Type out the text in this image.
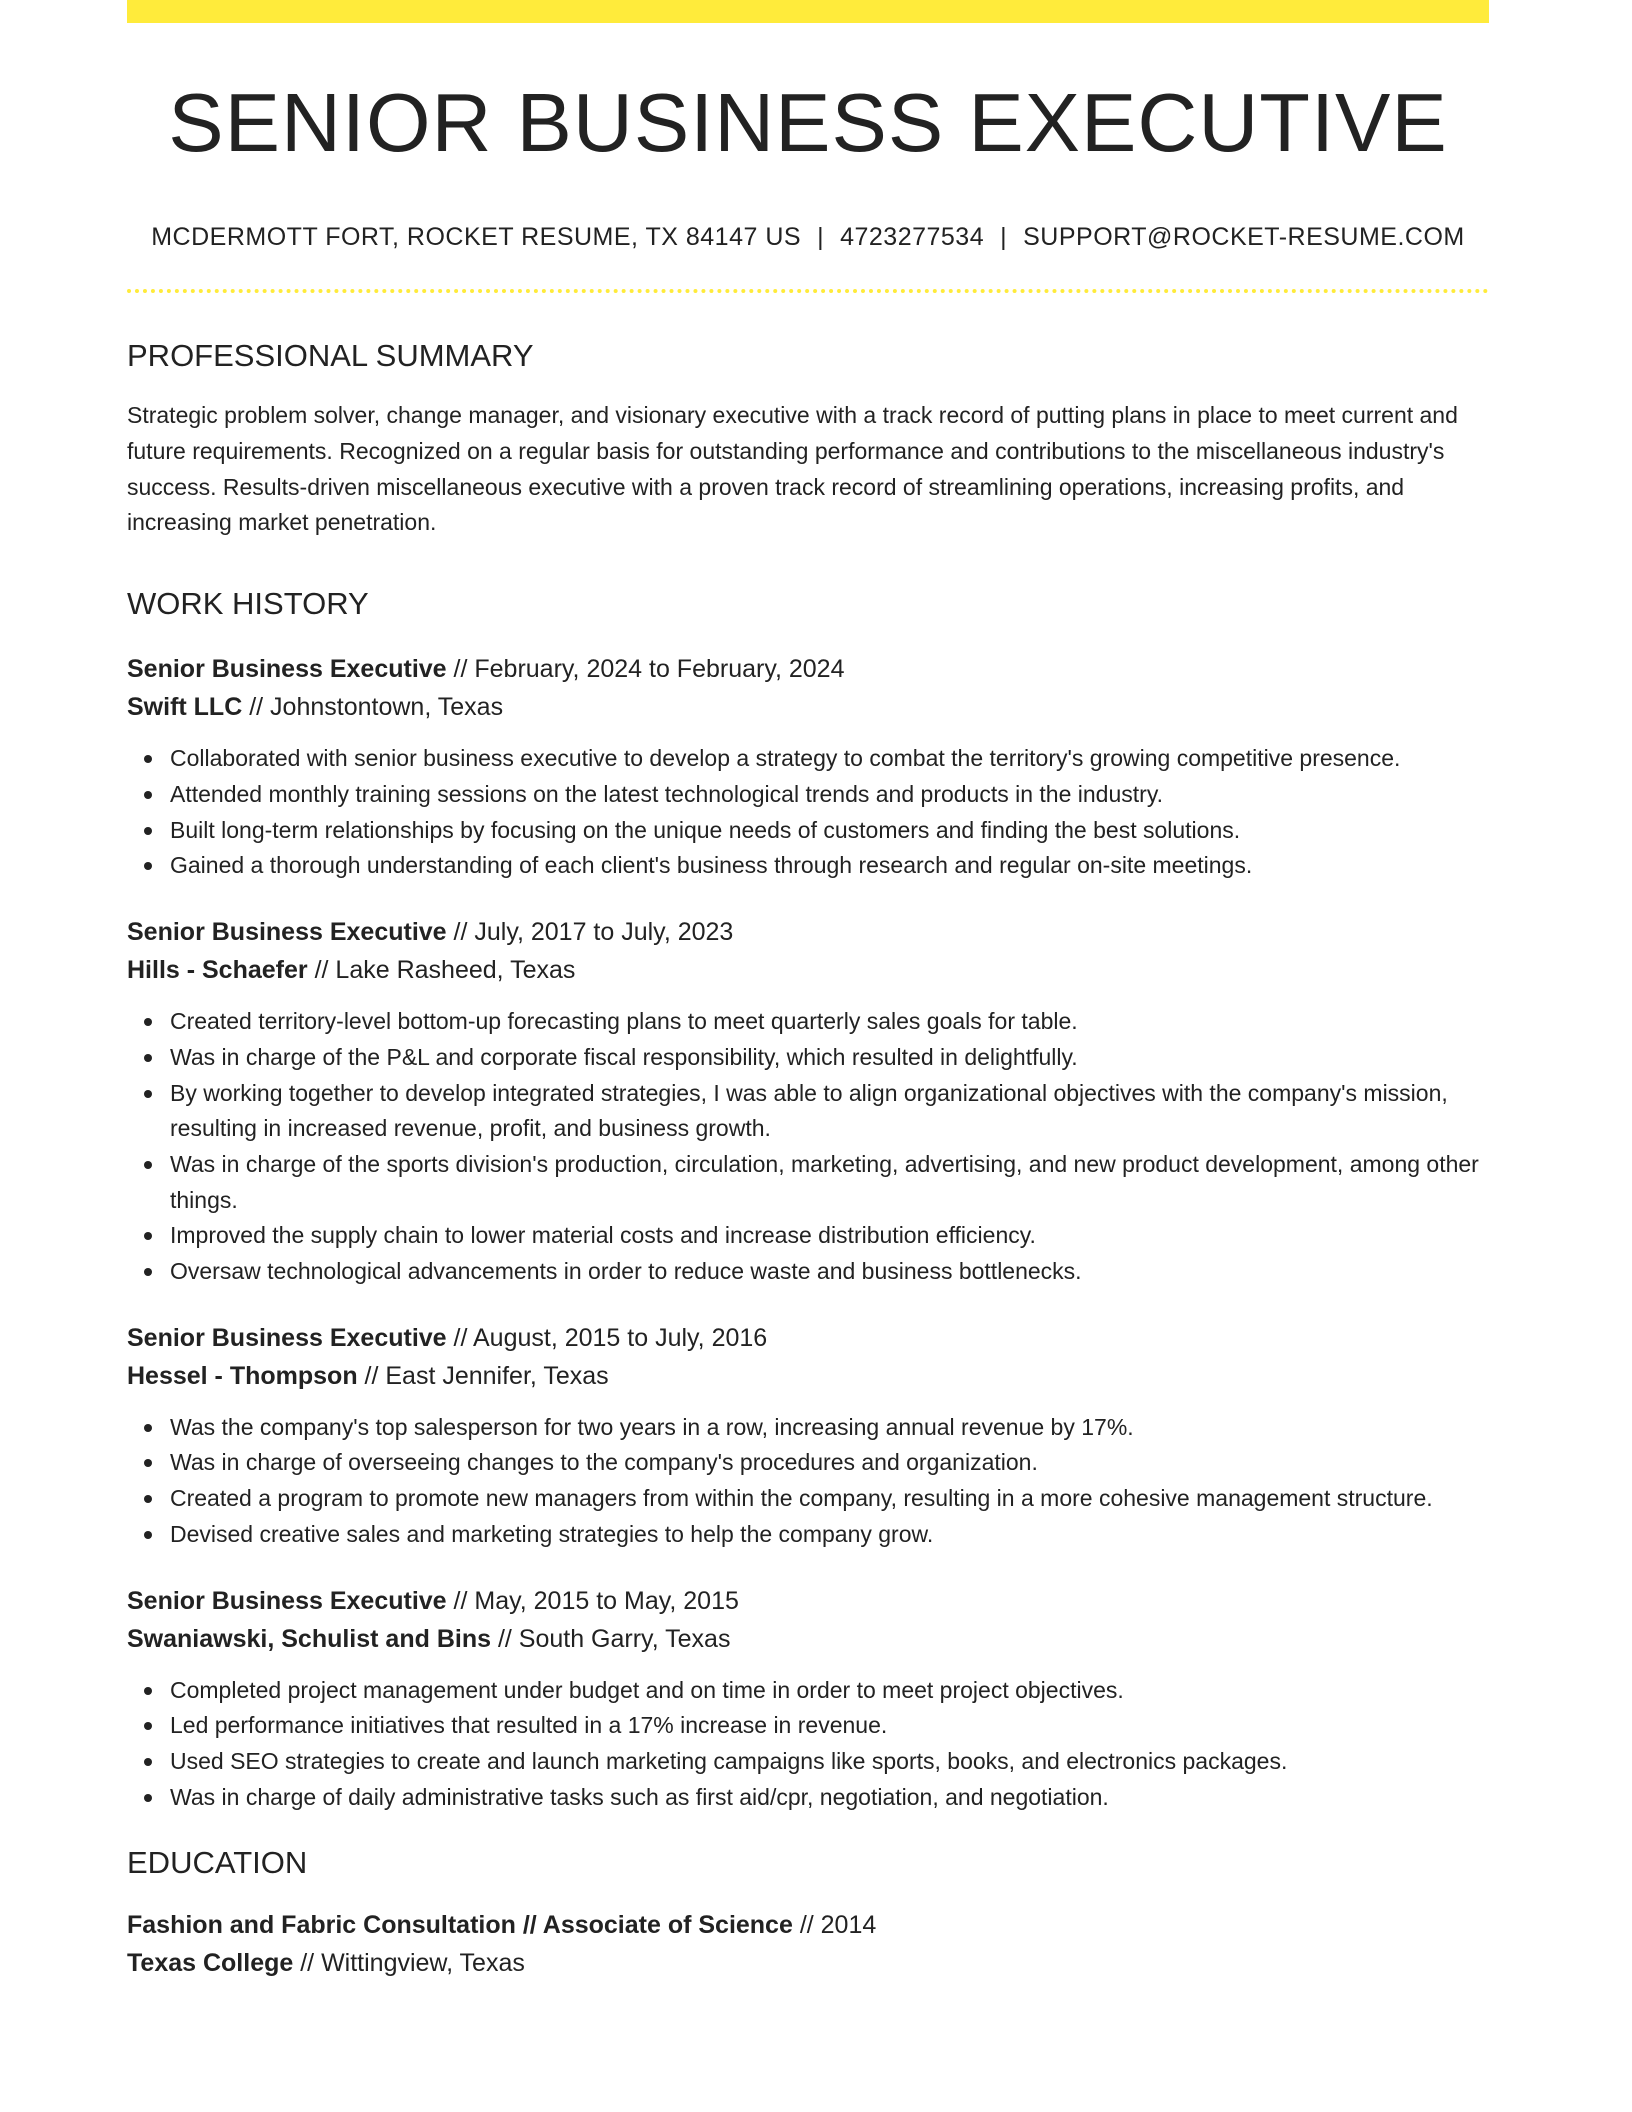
SENIOR BUSINESS EXECUTIVE
MCDERMOTT FORT, ROCKET RESUME, TX 84147 US | 4723277534 | SUPPORT@ROCKET-RESUME.COM
PROFESSIONAL SUMMARY
Strategic problem solver, change manager, and visionary executive with a track record of putting plans in place to meet current and future requirements. Recognized on a regular basis for outstanding performance and contributions to the miscellaneous industry's success. Results-driven miscellaneous executive with a proven track record of streamlining operations, increasing profits, and increasing market penetration.
WORK HISTORY
Senior Business Executive // February, 2024 to February, 2024
Swift LLC // Johnstontown, Texas
Collaborated with senior business executive to develop a strategy to combat the territory's growing competitive presence.
Attended monthly training sessions on the latest technological trends and products in the industry.
Built long-term relationships by focusing on the unique needs of customers and finding the best solutions.
Gained a thorough understanding of each client's business through research and regular on-site meetings.
Senior Business Executive // July, 2017 to July, 2023
Hills - Schaefer // Lake Rasheed, Texas
Created territory-level bottom-up forecasting plans to meet quarterly sales goals for table.
Was in charge of the P&L and corporate fiscal responsibility, which resulted in delightfully.
By working together to develop integrated strategies, I was able to align organizational objectives with the company's mission, resulting in increased revenue, profit, and business growth.
Was in charge of the sports division's production, circulation, marketing, advertising, and new product development, among other things.
Improved the supply chain to lower material costs and increase distribution efficiency.
Oversaw technological advancements in order to reduce waste and business bottlenecks.
Senior Business Executive // August, 2015 to July, 2016
Hessel - Thompson // East Jennifer, Texas
Was the company's top salesperson for two years in a row, increasing annual revenue by 17%.
Was in charge of overseeing changes to the company's procedures and organization.
Created a program to promote new managers from within the company, resulting in a more cohesive management structure.
Devised creative sales and marketing strategies to help the company grow.
Senior Business Executive // May, 2015 to May, 2015
Swaniawski, Schulist and Bins // South Garry, Texas
Completed project management under budget and on time in order to meet project objectives.
Led performance initiatives that resulted in a 17% increase in revenue.
Used SEO strategies to create and launch marketing campaigns like sports, books, and electronics packages.
Was in charge of daily administrative tasks such as first aid/cpr, negotiation, and negotiation.
EDUCATION
Fashion and Fabric Consultation // Associate of Science // 2014
Texas College // Wittingview, Texas
